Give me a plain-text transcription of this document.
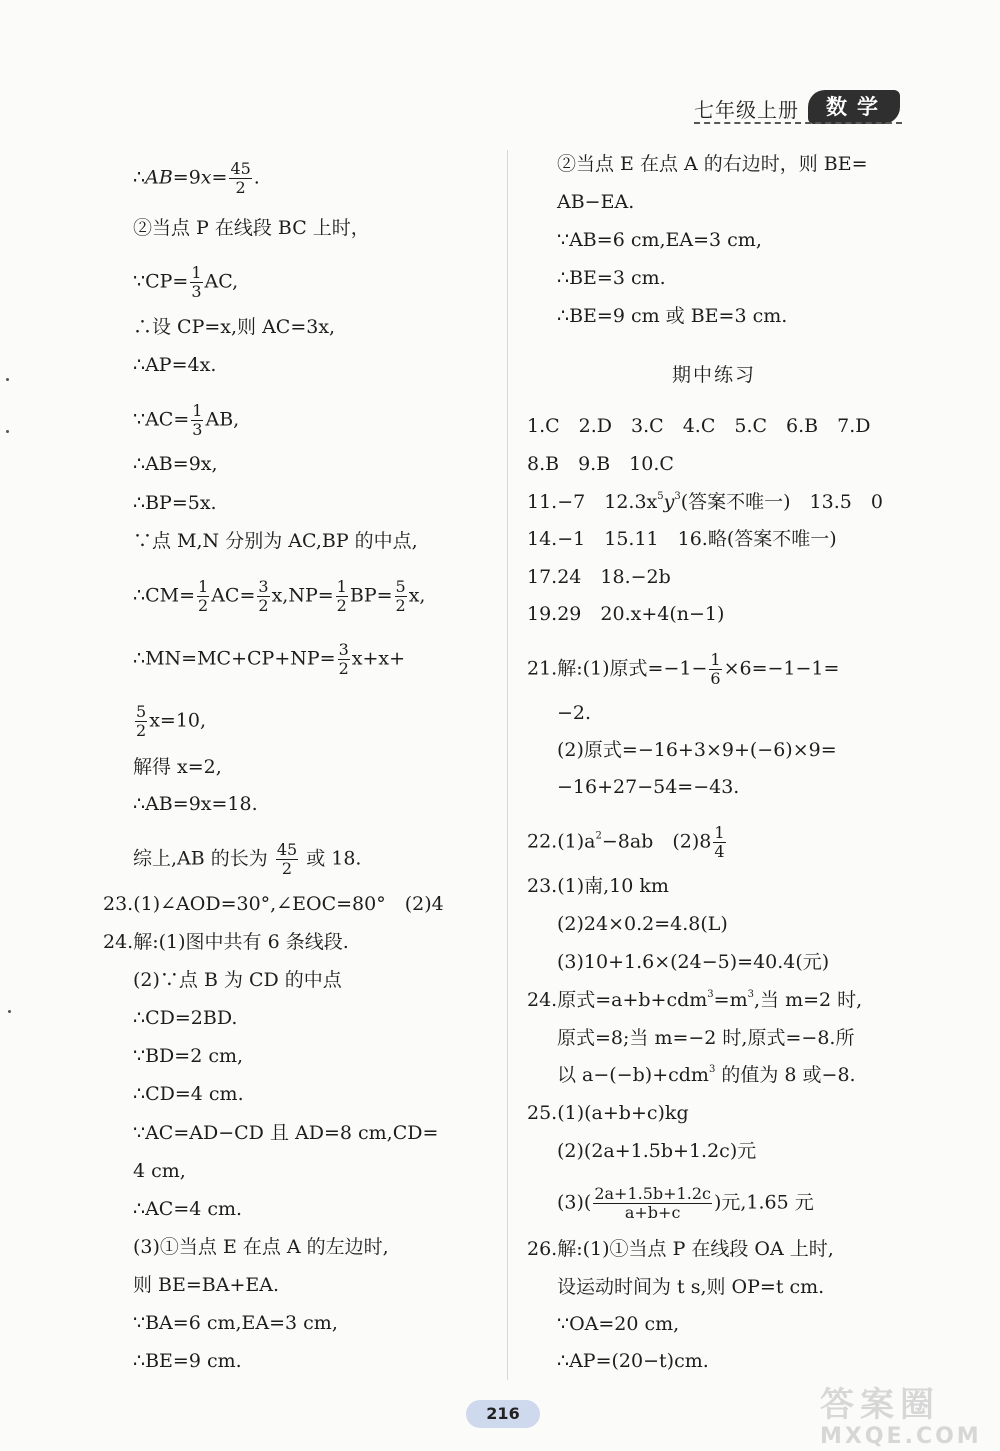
七年级上册	数学
∴AB=9x= $\frac{45}{2}$ .
②当点 P 在线段 BC 上时，
∵CP= $\frac{1}{3}$ AC,
∴设 CP=x,则 AC=3x,
∴AP=4x.
∵AC= $\frac{1}{3}$ AB,
∴AB=9x,
∴BP=5x.
∵点 M,N 分别为 AC,BP 的中点,
∴CM= $\frac{1}{2} AC= \frac{3}{2} x,NP= \frac{1}{2} BP= \frac{5}{2} x$,
∴MN=MC+CP+NP= $\frac{3}{2} x+x+$
$\frac{5}{2} x=10$,
解得 x=2,
∴AB=9x=18.
综上,AB 的长为 $\frac{45}{2}$ 或 18.
23.(1)∠AOD=30°,∠EOC=80°　(2)4
24.解:(1)图中共有 6 条线段.
(2)∵点 B 为 CD 的中点
∴CD=2BD.
∵BD=2 cm,
∴CD=4 cm.
∵AC=AD−CD 且 AD=8 cm,CD=
4 cm,
∴AC=4 cm.
(3)①当点 E 在点 A 的左边时,
则 BE=BA+EA.
∵BA=6 cm,EA=3 cm,
∴BE=9 cm.
②当点 E 在点 A 的右边时，则 BE=
AB−EA.
∵AB=6 cm,EA=3 cm,
∴BE=3 cm.
∴BE=9 cm 或 BE=3 cm.
期中练习
1.C　2.D　3.C　4.C　5.C　6.B　7.D
8.B　9.B　10.C
11.−7　$12.3x^5y^3$(答案不唯一)　13.5　0
14.−1　15.11　16.略(答案不唯一)
17.24　18.−2b
19.29　20.x+4(n−1)
21.解:(1)原式$=-1- \frac{1}{6} \times 6=-1-1=$
−2.
(2)原式=−16+3×9+(−6)×9=
−16+27−54=−43.
$22.(1)a^2-8ab$　$(2)8 \frac{1}{4}$
23.(1)南,10 km
(2)24×0.2=4.8(L)
(3)10+1.6×(24−5)=40.4(元)
24.原式$=a+b+cdm^3=m^3$,当 m=2 时,
原式=8;当 m=−2 时,原式=−8.所
以 a−(−b)+cdm$^3$ 的值为 8 或−8.
25.(1)(a+b+c)kg
(2)(2a+1.5b+1.2c)元
$(3)( \frac{2a+1.5b+1.2c}{a+b+c}$ )元,1.65 元
26.解:(1)①当点 P 在线段 OA 上时,
设运动时间为 t s,则 OP=t cm.
∵OA=20 cm,
∴AP=(20−t)cm.
216	答案圈
MXQE.COM
